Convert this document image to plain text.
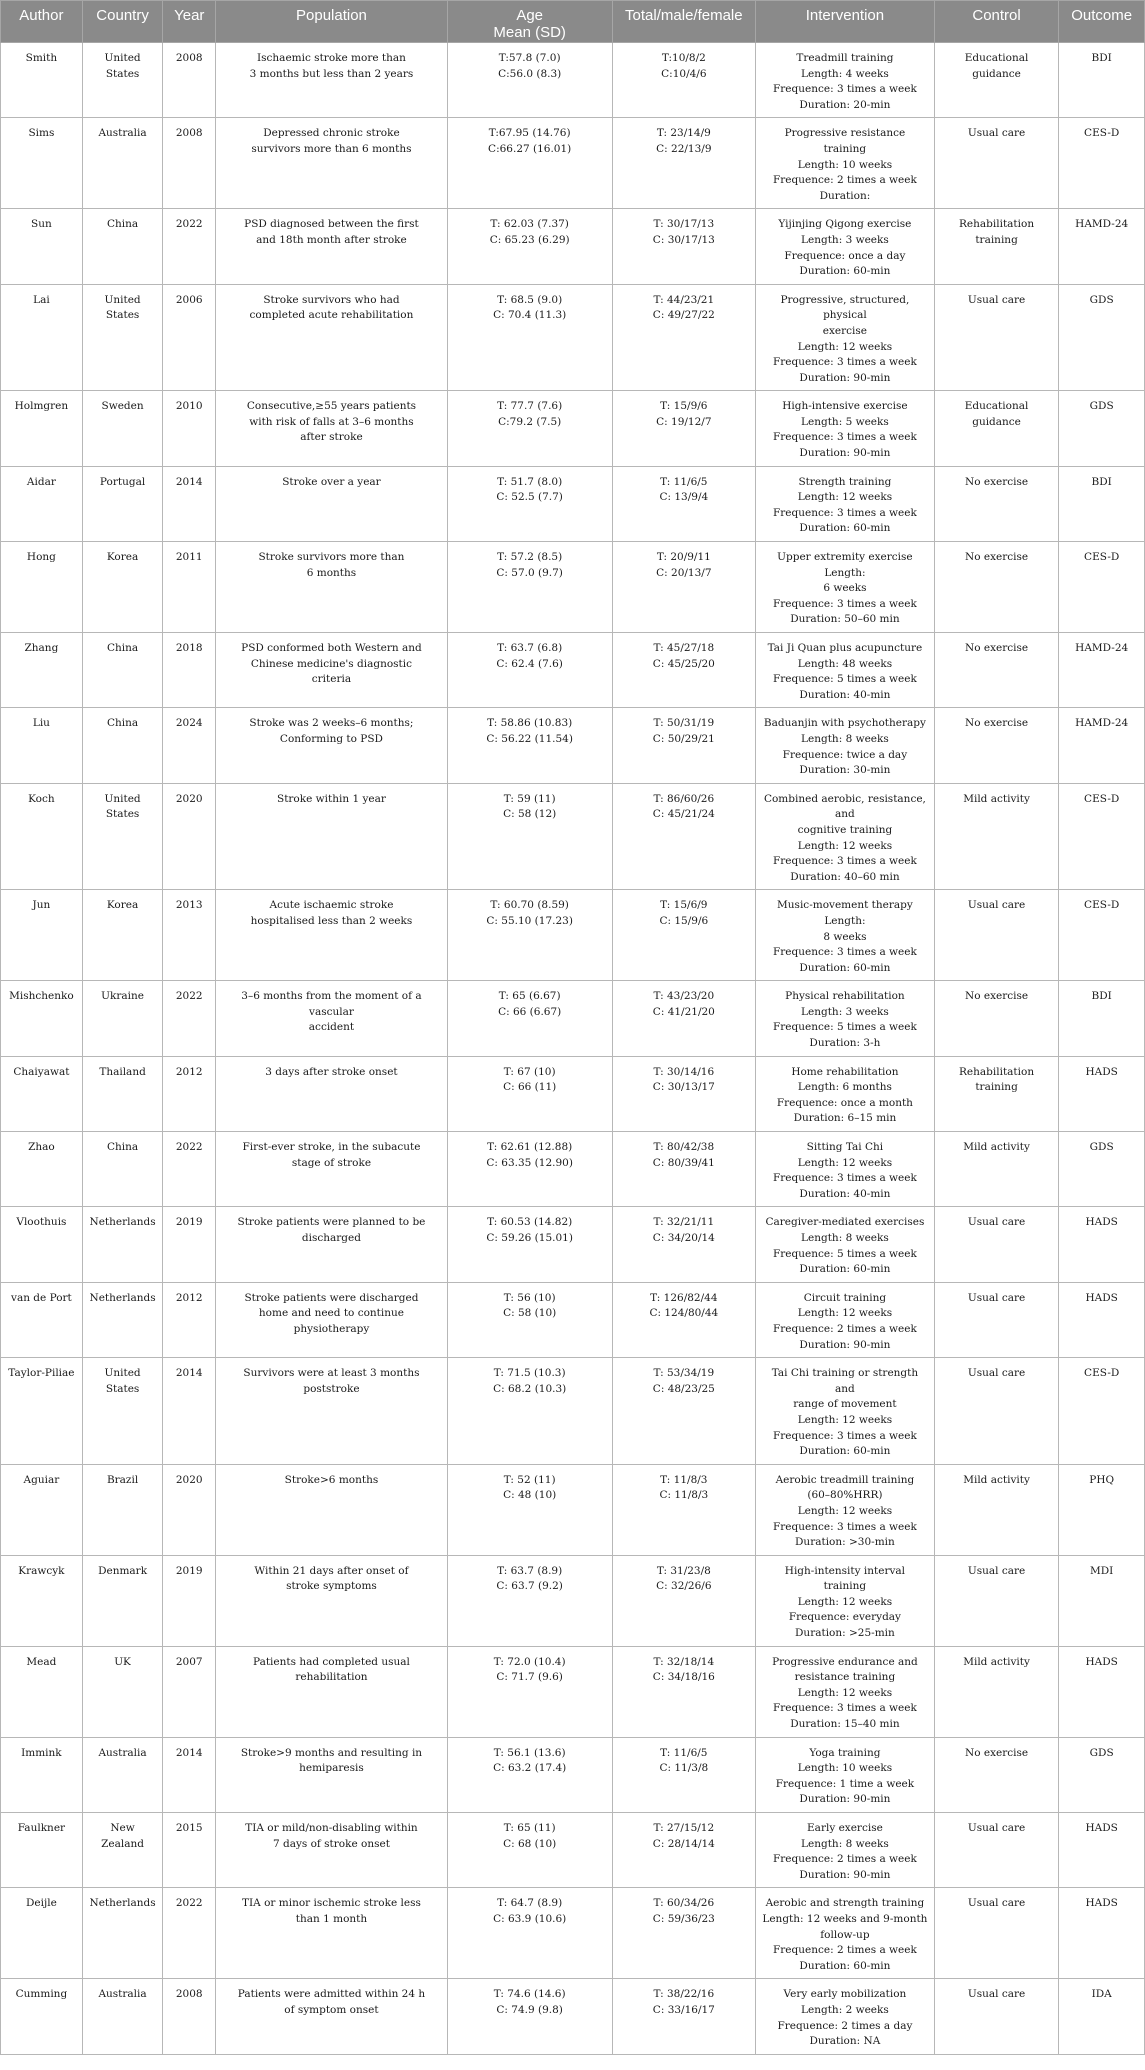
Author	Country	Year	Population	Age
Mean (SD)	Total/male/female	Intervention	Control	Outcome

Smith	United States	2008	Ischaemic stroke more than
3 months but less than 2 years	T:57.8 (7.0)
C:56.0 (8.3)	T:10/8/2
C:10/4/6	Treadmill training
Length: 4 weeks
Frequence: 3 times a week
Duration: 20-min	Educational guidance	BDI

Sims	Australia	2008	Depressed chronic stroke
survivors more than 6 months	T:67.95 (14.76)
C:66.27 (16.01)	T: 23/14/9
C: 22/13/9	Progressive resistance training
Length: 10 weeks
Frequence: 2 times a week
Duration:	Usual care	CES-D

Sun	China	2022	PSD diagnosed between the first
and 18th month after stroke	T: 62.03 (7.37)
C: 65.23 (6.29)	T: 30/17/13
C: 30/17/13	Yijinjing Qigong exercise
Length: 3 weeks
Frequence: once a day
Duration: 60-min	Rehabilitation training	HAMD-24

Lai	United States	2006	Stroke survivors who had
completed acute rehabilitation	T: 68.5 (9.0)
C: 70.4 (11.3)	T: 44/23/21
C: 49/27/22	Progressive, structured, physical
exercise
Length: 12 weeks
Frequence: 3 times a week
Duration: 90-min	Usual care	GDS

Holmgren	Sweden	2010	Consecutive,≥55 years patients
with risk of falls at 3–6 months
after stroke	T: 77.7 (7.6)
C:79.2 (7.5)	T: 15/9/6
C: 19/12/7	High-intensive exercise
Length: 5 weeks
Frequence: 3 times a week
Duration: 90-min	Educational guidance	GDS

Aidar	Portugal	2014	Stroke over a year	T: 51.7 (8.0)
C: 52.5 (7.7)	T: 11/6/5
C: 13/9/4	Strength training
Length: 12 weeks
Frequence: 3 times a week
Duration: 60-min	No exercise	BDI

Hong	Korea	2011	Stroke survivors more than
6 months	T: 57.2 (8.5)
C: 57.0 (9.7)	T: 20/9/11
C: 20/13/7	Upper extremity exercise Length:
6 weeks
Frequence: 3 times a week
Duration: 50–60 min	No exercise	CES-D

Zhang	China	2018	PSD conformed both Western and
Chinese medicine's diagnostic
criteria	T: 63.7 (6.8)
C: 62.4 (7.6)	T: 45/27/18
C: 45/25/20	Tai Ji Quan plus acupuncture
Length: 48 weeks
Frequence: 5 times a week
Duration: 40-min	No exercise	HAMD-24

Liu	China	2024	Stroke was 2 weeks–6 months;
Conforming to PSD	T: 58.86 (10.83)
C: 56.22 (11.54)	T: 50/31/19
C: 50/29/21	Baduanjin with psychotherapy
Length: 8 weeks
Frequence: twice a day
Duration: 30-min	No exercise	HAMD-24

Koch	United States	2020	Stroke within 1 year	T: 59 (11)
C: 58 (12)	T: 86/60/26
C: 45/21/24	Combined aerobic, resistance, and
cognitive training
Length: 12 weeks
Frequence: 3 times a week
Duration: 40–60 min	Mild activity	CES-D

Jun	Korea	2013	Acute ischaemic stroke
hospitalised less than 2 weeks	T: 60.70 (8.59)
C: 55.10 (17.23)	T: 15/6/9
C: 15/9/6	Music-movement therapy Length:
8 weeks
Frequence: 3 times a week
Duration: 60-min	Usual care	CES-D

Mishchenko	Ukraine	2022	3–6 months from the moment of a
vascular
accident	T: 65 (6.67)
C: 66 (6.67)	T: 43/23/20
C: 41/21/20	Physical rehabilitation
Length: 3 weeks
Frequence: 5 times a week
Duration: 3-h	No exercise	BDI

Chaiyawat	Thailand	2012	3 days after stroke onset	T: 67 (10)
C: 66 (11)	T: 30/14/16
C: 30/13/17	Home rehabilitation
Length: 6 months
Frequence: once a month
Duration: 6–15 min	Rehabilitation training	HADS

Zhao	China	2022	First-ever stroke, in the subacute
stage of stroke	T: 62.61 (12.88)
C: 63.35 (12.90)	T: 80/42/38
C: 80/39/41	Sitting Tai Chi
Length: 12 weeks
Frequence: 3 times a week
Duration: 40-min	Mild activity	GDS

Vloothuis	Netherlands	2019	Stroke patients were planned to be
discharged	T: 60.53 (14.82)
C: 59.26 (15.01)	T: 32/21/11
C: 34/20/14	Caregiver-mediated exercises
Length: 8 weeks
Frequence: 5 times a week
Duration: 60-min	Usual care	HADS

van de Port	Netherlands	2012	Stroke patients were discharged
home and need to continue
physiotherapy	T: 56 (10)
C: 58 (10)	T: 126/82/44
C: 124/80/44	Circuit training
Length: 12 weeks
Frequence: 2 times a week
Duration: 90-min	Usual care	HADS

Taylor-Piliae	United States	2014	Survivors were at least 3 months
poststroke	T: 71.5 (10.3)
C: 68.2 (10.3)	T: 53/34/19
C: 48/23/25	Tai Chi training or strength and
range of movement
Length: 12 weeks
Frequence: 3 times a week
Duration: 60-min	Usual care	CES-D

Aguiar	Brazil	2020	Stroke>6 months	T: 52 (11)
C: 48 (10)	T: 11/8/3
C: 11/8/3	Aerobic treadmill training
(60–80%HRR)
Length: 12 weeks
Frequence: 3 times a week
Duration: >30-min	Mild activity	PHQ

Krawcyk	Denmark	2019	Within 21 days after onset of
stroke symptoms	T: 63.7 (8.9)
C: 63.7 (9.2)	T: 31/23/8
C: 32/26/6	High-intensity interval training
Length: 12 weeks
Frequence: everyday
Duration: >25-min	Usual care	MDI

Mead	UK	2007	Patients had completed usual
rehabilitation	T: 72.0 (10.4)
C: 71.7 (9.6)	T: 32/18/14
C: 34/18/16	Progressive endurance and
resistance training
Length: 12 weeks
Frequence: 3 times a week
Duration: 15–40 min	Mild activity	HADS

Immink	Australia	2014	Stroke>9 months and resulting in
hemiparesis	T: 56.1 (13.6)
C: 63.2 (17.4)	T: 11/6/5
C: 11/3/8	Yoga training
Length: 10 weeks
Frequence: 1 time a week
Duration: 90-min	No exercise	GDS

Faulkner	New Zealand	2015	TIA or mild/non-disabling within
7 days of stroke onset	T: 65 (11)
C: 68 (10)	T: 27/15/12
C: 28/14/14	Early exercise
Length: 8 weeks
Frequence: 2 times a week
Duration: 90-min	Usual care	HADS

Deijle	Netherlands	2022	TIA or minor ischemic stroke less
than 1 month	T: 64.7 (8.9)
C: 63.9 (10.6)	T: 60/34/26
C: 59/36/23	Aerobic and strength training
Length: 12 weeks and 9-month
follow-up
Frequence: 2 times a week
Duration: 60-min	Usual care	HADS

Cumming	Australia	2008	Patients were admitted within 24 h
of symptom onset	T: 74.6 (14.6)
C: 74.9 (9.8)	T: 38/22/16
C: 33/16/17	Very early mobilization
Length: 2 weeks
Frequence: 2 times a day
Duration: NA	Usual care	IDA
